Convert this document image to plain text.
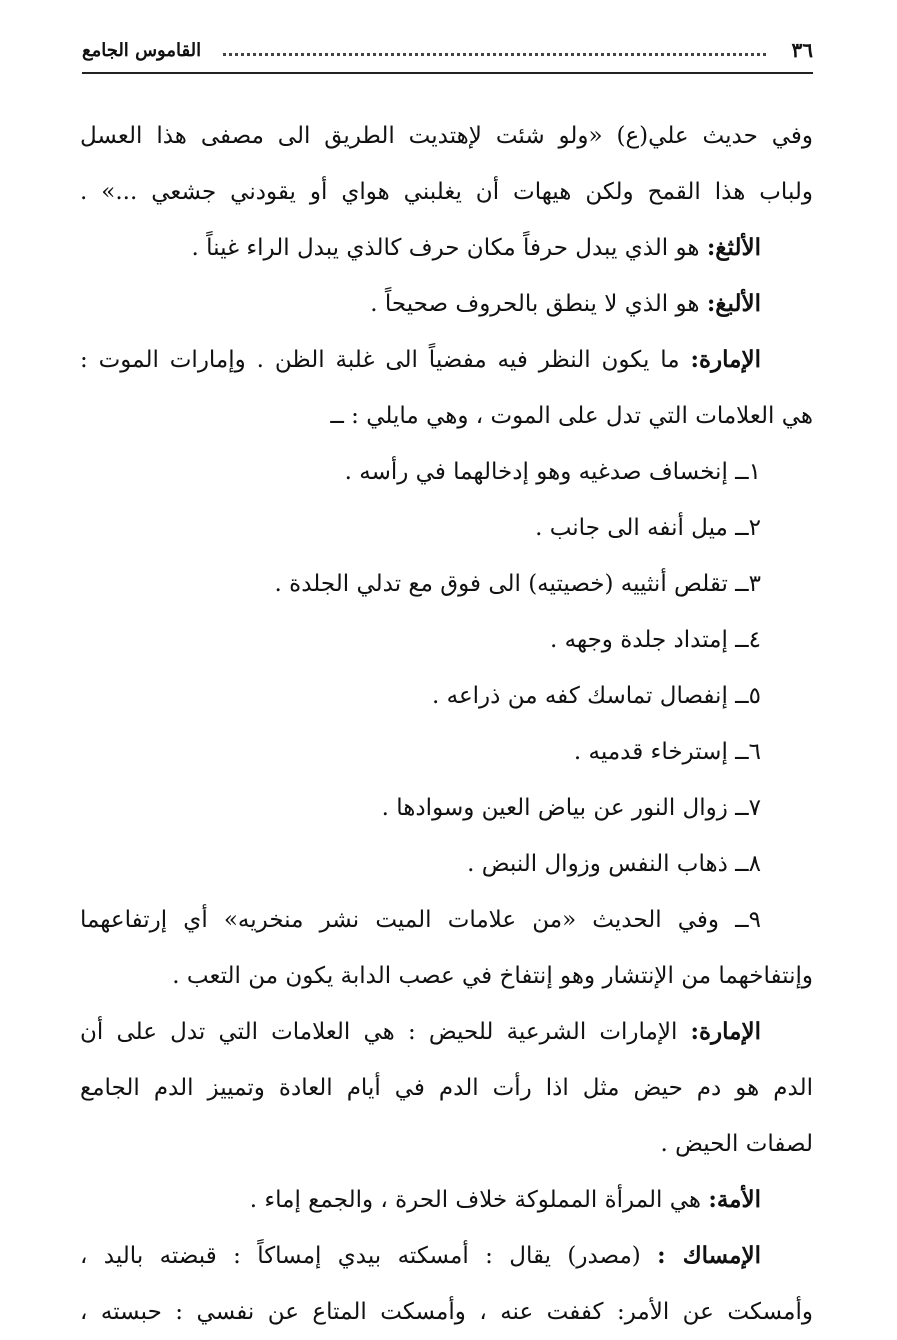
٣٦
القاموس الجامع
وفي حديث علي(ع) «ولو شئت لإهتديت الطريق الى مصفى هذا العسل
ولباب هذا القمح ولكن هيهات أن يغلبني هواي أو يقودني جشعي ...» .
الألثغ: هو الذي يبدل حرفاً مكان حرف كالذي يبدل الراء غيناً .
الألبغ: هو الذي لا ينطق بالحروف صحيحاً .
الإمارة: ما يكون النظر فيه مفضياً الى غلبة الظن . وإمارات الموت :
هي العلامات التي تدل على الموت ، وهي مايلي : ــ
١ــ إنخساف صدغيه وهو إدخالهما في رأسه .
٢ــ ميل أنفه الى جانب .
٣ــ تقلص أنثييه (خصيتيه) الى فوق مع تدلي الجلدة .
٤ــ إمتداد جلدة وجهه .
٥ــ إنفصال تماسك كفه من ذراعه .
٦ــ إسترخاء قدميه .
٧ــ زوال النور عن بياض العين وسوادها .
٨ــ ذهاب النفس وزوال النبض .
٩ــ وفي الحديث «من علامات الميت نشر منخريه» أي إرتفاعهما
وإنتفاخهما من الإنتشار وهو إنتفاخ في عصب الدابة يكون من التعب .
الإمارة: الإمارات الشرعية للحيض : هي العلامات التي تدل على أن
الدم هو دم حيض مثل اذا رأت الدم في أيام العادة وتمييز الدم الجامع
لصفات الحيض .
الأمة: هي المرأة المملوكة خلاف الحرة ، والجمع إماء .
الإمساك : (مصدر) يقال : أمسكته بيدي إمساكاً : قبضته باليد ،
وأمسكت عن الأمر: كففت عنه ، وأمسكت المتاع عن نفسي : حبسته ،
